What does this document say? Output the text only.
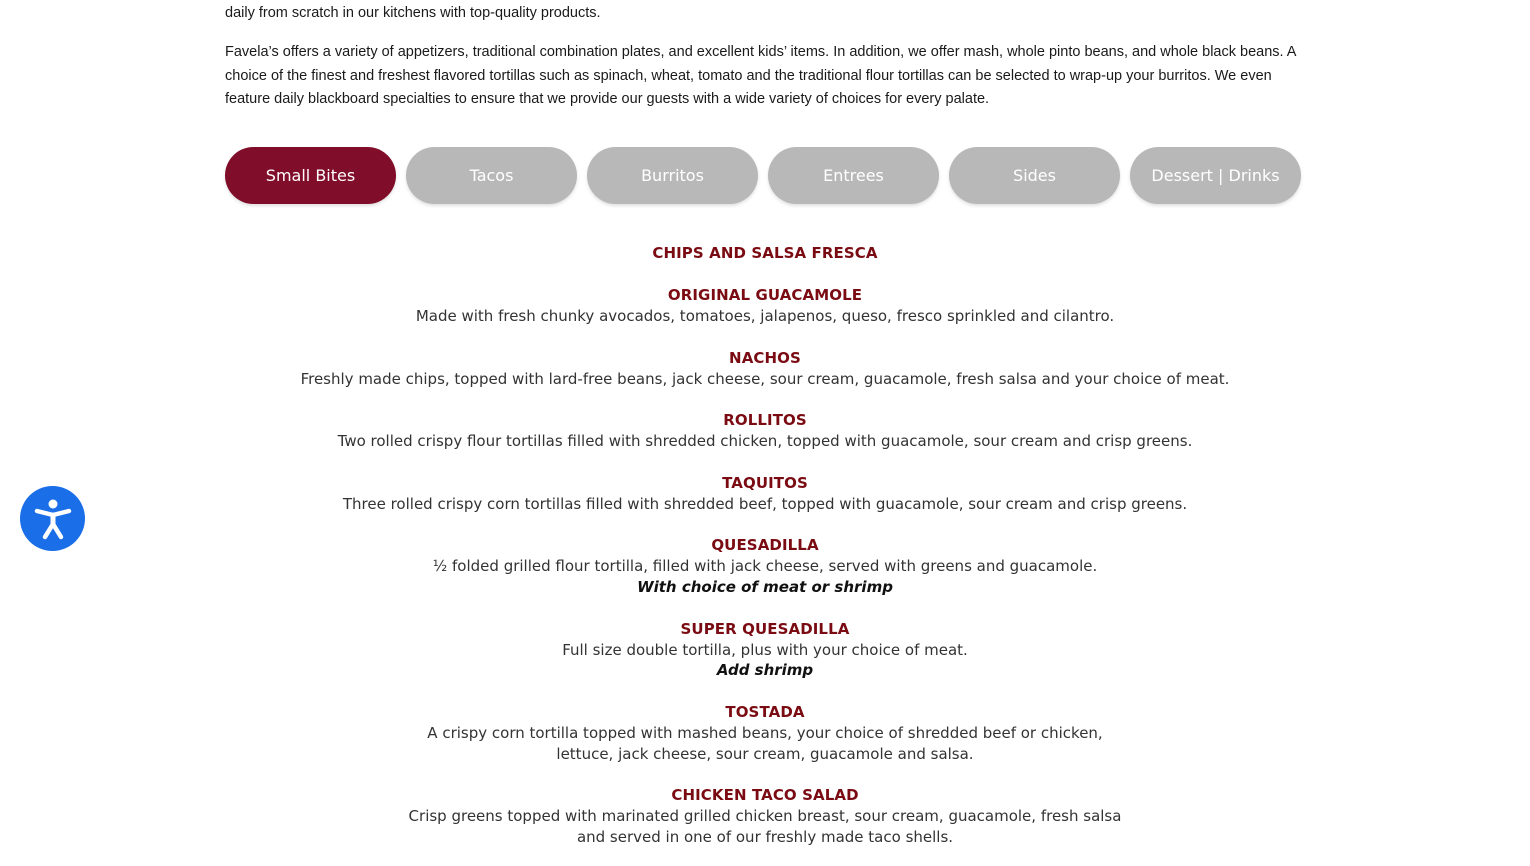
daily from scratch in our kitchens with top-quality products.

Favela’s offers a variety of appetizers, traditional combination plates, and excellent kids’ items. In addition, we offer mash, whole pinto beans, and whole black beans. A choice of the finest and freshest flavored tortillas such as spinach, wheat, tomato and the traditional flour tortillas can be selected to wrap-up your burritos. We even feature daily blackboard specialties to ensure that we provide our guests with a wide variety of choices for every palate.

Small Bites	Tacos	Burritos	Entrees	Sides	Dessert | Drinks
CHIPS AND SALSA FRESCA
ORIGINAL GUACAMOLE
Made with fresh chunky avocados, tomatoes, jalapenos, queso, fresco sprinkled and cilantro.
NACHOS
Freshly made chips, topped with lard-free beans, jack cheese, sour cream, guacamole, fresh salsa and your choice of meat.
ROLLITOS
Two rolled crispy flour tortillas filled with shredded chicken, topped with guacamole, sour cream and crisp greens.
TAQUITOS
Three rolled crispy corn tortillas filled with shredded beef, topped with guacamole, sour cream and crisp greens.
QUESADILLA
½ folded grilled flour tortilla, filled with jack cheese, served with greens and guacamole.
With choice of meat or shrimp
SUPER QUESADILLA
Full size double tortilla, plus with your choice of meat.
Add shrimp
TOSTADA
A crispy corn tortilla topped with mashed beans, your choice of shredded beef or chicken, lettuce, jack cheese, sour cream, guacamole and salsa.
CHICKEN TACO SALAD
Crisp greens topped with marinated grilled chicken breast, sour cream, guacamole, fresh salsa and served in one of our freshly made taco shells.
